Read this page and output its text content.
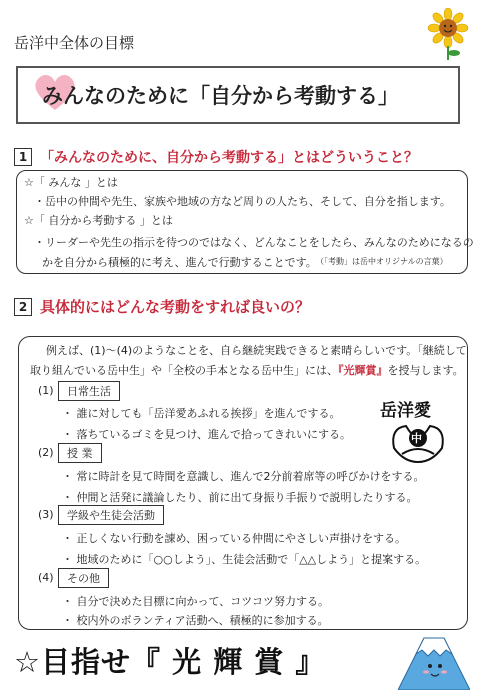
岳洋中全体の目標
みんなのために「自分から考動する」
1 「みんなのために、自分から考動する」とはどういうこと？
☆「 みんな 」とは
・岳中の仲間や先生、家族や地域の方など周りの人たち、そして、自分を指します。
☆「 自分から考動する 」とは
・リーダーや先生の指示を待つのではなく、どんなことをしたら、みんなのためになるの
かを自分から積極的に考え、進んで行動することです。 （「考動」は岳中オリジナルの言葉）
2 具体的にはどんな考動をすれば良いの？
例えば、(1)～(4)のようなことを、自ら継続実践できると素晴らしいです。「継続して
取り組んでいる岳中生」や「全校の手本となる岳中生」には、『光輝賞』を授与します。
(1)	日常生活
・ 誰に対しても「岳洋愛あふれる挨拶」を進んでする。
・ 落ちているゴミを見つけ、進んで拾ってきれいにする。
(2)	授 業
・ 常に時計を見て時間を意識し、進んで2分前着席等の呼びかけをする。
・ 仲間と活発に議論したり、前に出て身振り手振りで説明したりする。
(3)	学級や生徒会活動
・ 正しくない行動を諌め、困っている仲間にやさしい声掛けをする。
・ 地域のために「○○しよう」、生徒会活動で「△△しよう」と提案する。
(4)	その他
・ 自分で決めた目標に向かって、コツコツ努力する。
・ 校内外のボランティア活動へ、積極的に参加する。
岳洋愛
中
☆目指せ『 光 輝 賞 』
